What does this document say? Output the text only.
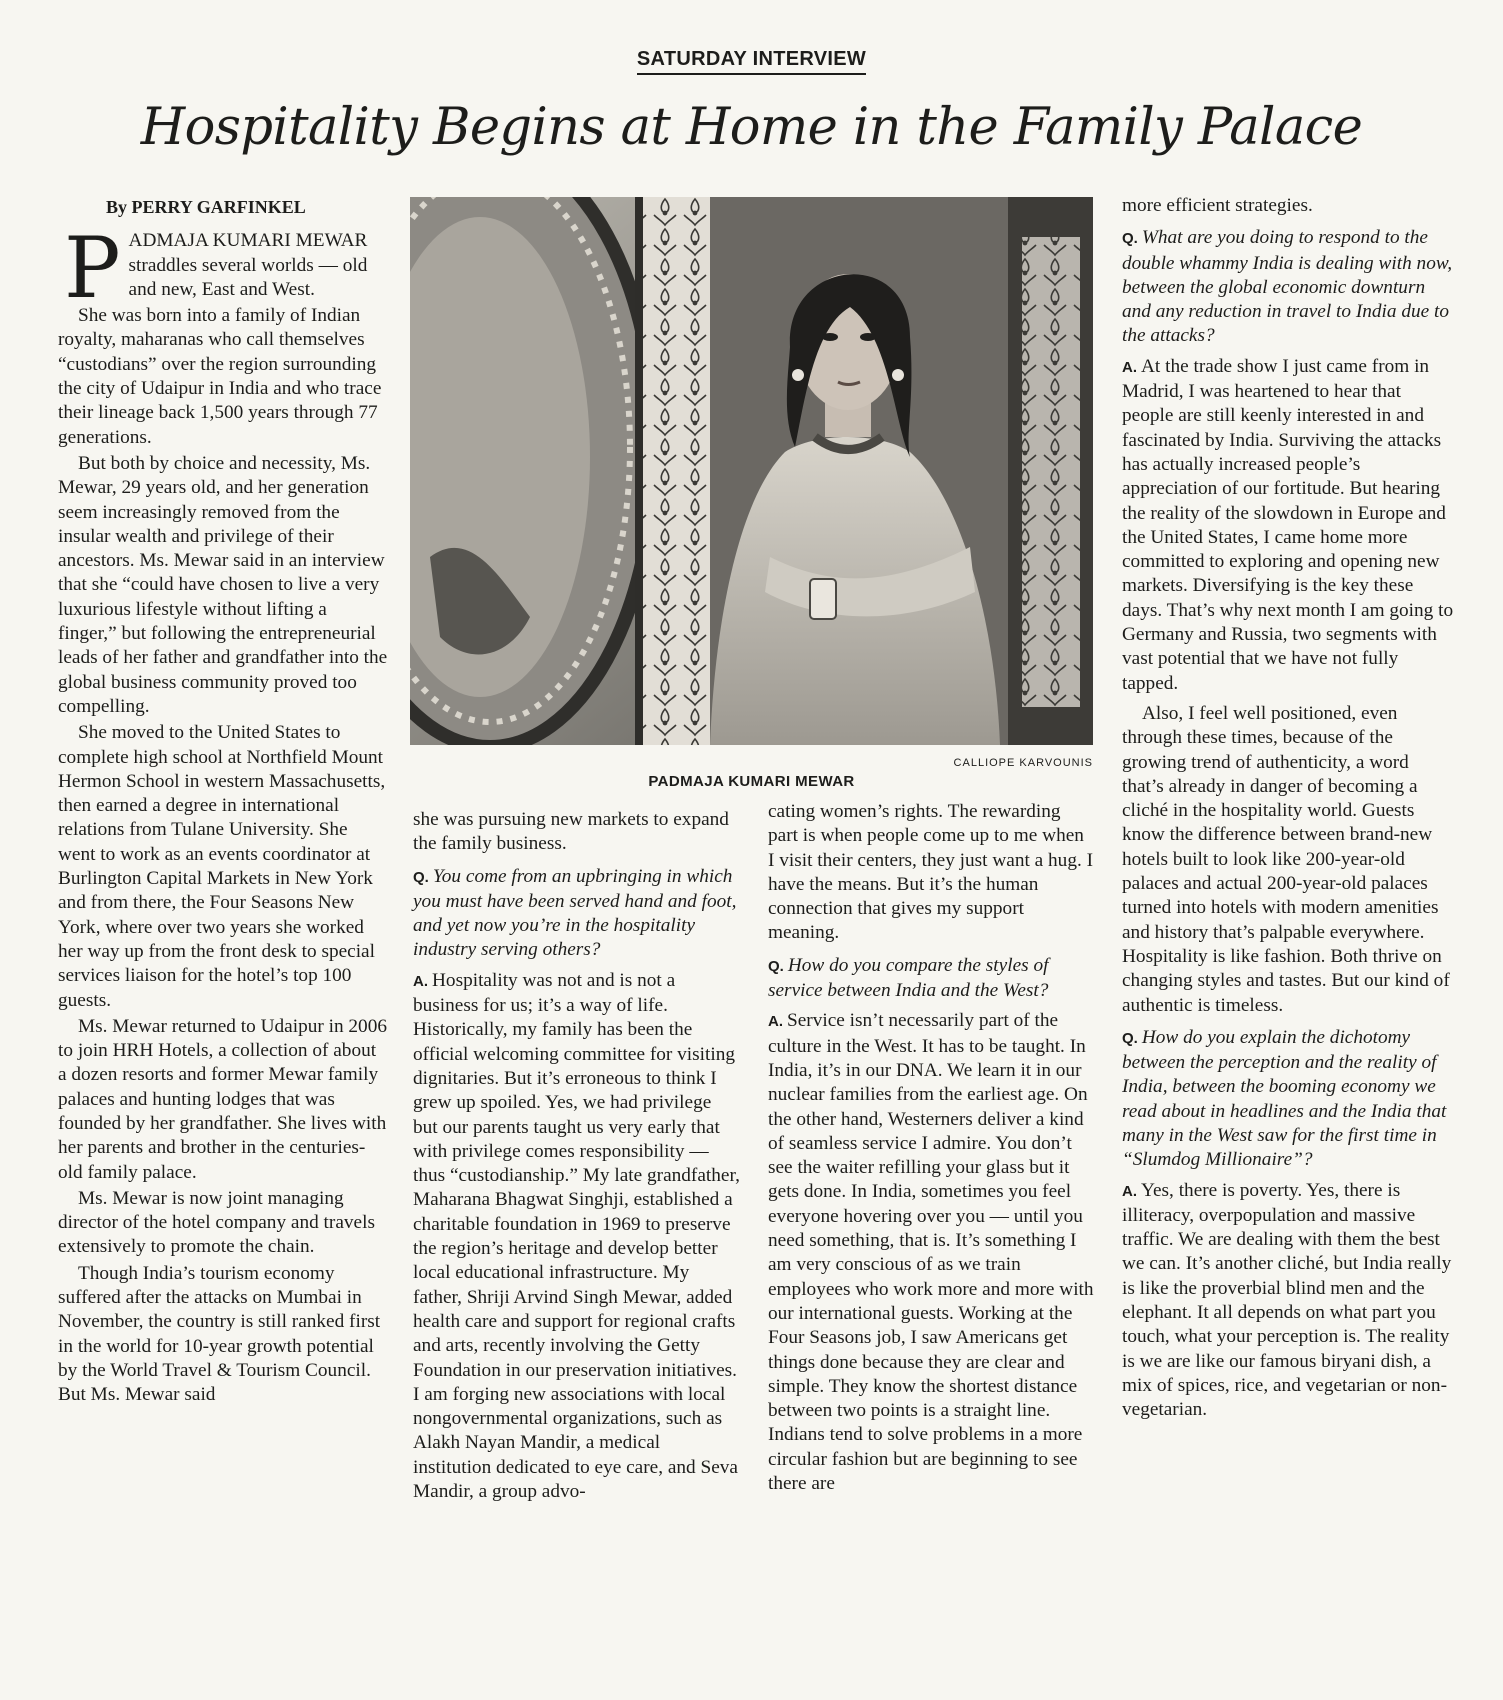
SATURDAY INTERVIEW
Hospitality Begins at Home in the Family Palace
By PERRY GARFINKEL

PADMAJA KUMARI MEWAR straddles several worlds — old and new, East and West.

She was born into a family of Indian royalty, maharanas who call themselves “custodians” over the region surrounding the city of Udaipur in India and who trace their lineage back 1,500 years through 77 generations.

But both by choice and necessity, Ms. Mewar, 29 years old, and her generation seem increasingly removed from the insular wealth and privilege of their ancestors. Ms. Mewar said in an interview that she “could have chosen to live a very luxurious lifestyle without lifting a finger,” but following the entrepreneurial leads of her father and grandfather into the global business community proved too compelling.

She moved to the United States to complete high school at Northfield Mount Hermon School in western Massachusetts, then earned a degree in international relations from Tulane University. She went to work as an events coordinator at Burlington Capital Markets in New York and from there, the Four Seasons New York, where over two years she worked her way up from the front desk to special services liaison for the hotel’s top 100 guests.

Ms. Mewar returned to Udaipur in 2006 to join HRH Hotels, a collection of about a dozen resorts and former Mewar family palaces and hunting lodges that was founded by her grandfather. She lives with her parents and brother in the centuries-old family palace.

Ms. Mewar is now joint managing director of the hotel company and travels extensively to promote the chain.

Though India’s tourism economy suffered after the attacks on Mumbai in November, the country is still ranked first in the world for 10-year growth potential by the World Travel & Tourism Council. But Ms. Mewar said

CALLIOPE KARVOUNIS
PADMAJA KUMARI MEWAR

she was pursuing new markets to expand the family business.

Q. You come from an upbringing in which you must have been served hand and foot, and yet now you’re in the hospitality industry serving others?

A. Hospitality was not and is not a business for us; it’s a way of life. Historically, my family has been the official welcoming committee for visiting dignitaries. But it’s erroneous to think I grew up spoiled. Yes, we had privilege but our parents taught us very early that with privilege comes responsibility — thus “custodianship.” My late grandfather, Maharana Bhagwat Singhji, established a charitable foundation in 1969 to preserve the region’s heritage and develop better local educational infrastructure. My father, Shriji Arvind Singh Mewar, added health care and support for regional crafts and arts, recently involving the Getty Foundation in our preservation initiatives. I am forging new associations with local nongovernmental organizations, such as Alakh Nayan Mandir, a medical institution dedicated to eye care, and Seva Mandir, a group advo-

cating women’s rights. The rewarding part is when people come up to me when I visit their centers, they just want a hug. I have the means. But it’s the human connection that gives my support meaning.

Q. How do you compare the styles of service between India and the West?

A. Service isn’t necessarily part of the culture in the West. It has to be taught. In India, it’s in our DNA. We learn it in our nuclear families from the earliest age. On the other hand, Westerners deliver a kind of seamless service I admire. You don’t see the waiter refilling your glass but it gets done. In India, sometimes you feel everyone hovering over you — until you need something, that is. It’s something I am very conscious of as we train employees who work more and more with our international guests. Working at the Four Seasons job, I saw Americans get things done because they are clear and simple. They know the shortest distance between two points is a straight line. Indians tend to solve problems in a more circular fashion but are beginning to see there are

more efficient strategies.

Q. What are you doing to respond to the double whammy India is dealing with now, between the global economic downturn and any reduction in travel to India due to the attacks?

A. At the trade show I just came from in Madrid, I was heartened to hear that people are still keenly interested in and fascinated by India. Surviving the attacks has actually increased people’s appreciation of our fortitude. But hearing the reality of the slowdown in Europe and the United States, I came home more committed to exploring and opening new markets. Diversifying is the key these days. That’s why next month I am going to Germany and Russia, two segments with vast potential that we have not fully tapped.

Also, I feel well positioned, even through these times, because of the growing trend of authenticity, a word that’s already in danger of becoming a cliché in the hospitality world. Guests know the difference between brand-new hotels built to look like 200-year-old palaces and actual 200-year-old palaces turned into hotels with modern amenities and history that’s palpable everywhere. Hospitality is like fashion. Both thrive on changing styles and tastes. But our kind of authentic is timeless.

Q. How do you explain the dichotomy between the perception and the reality of India, between the booming economy we read about in headlines and the India that many in the West saw for the first time in “Slumdog Millionaire”?

A. Yes, there is poverty. Yes, there is illiteracy, overpopulation and massive traffic. We are dealing with them the best we can. It’s another cliché, but India really is like the proverbial blind men and the elephant. It all depends on what part you touch, what your perception is. The reality is we are like our famous biryani dish, a mix of spices, rice, and vegetarian or non-vegetarian.
